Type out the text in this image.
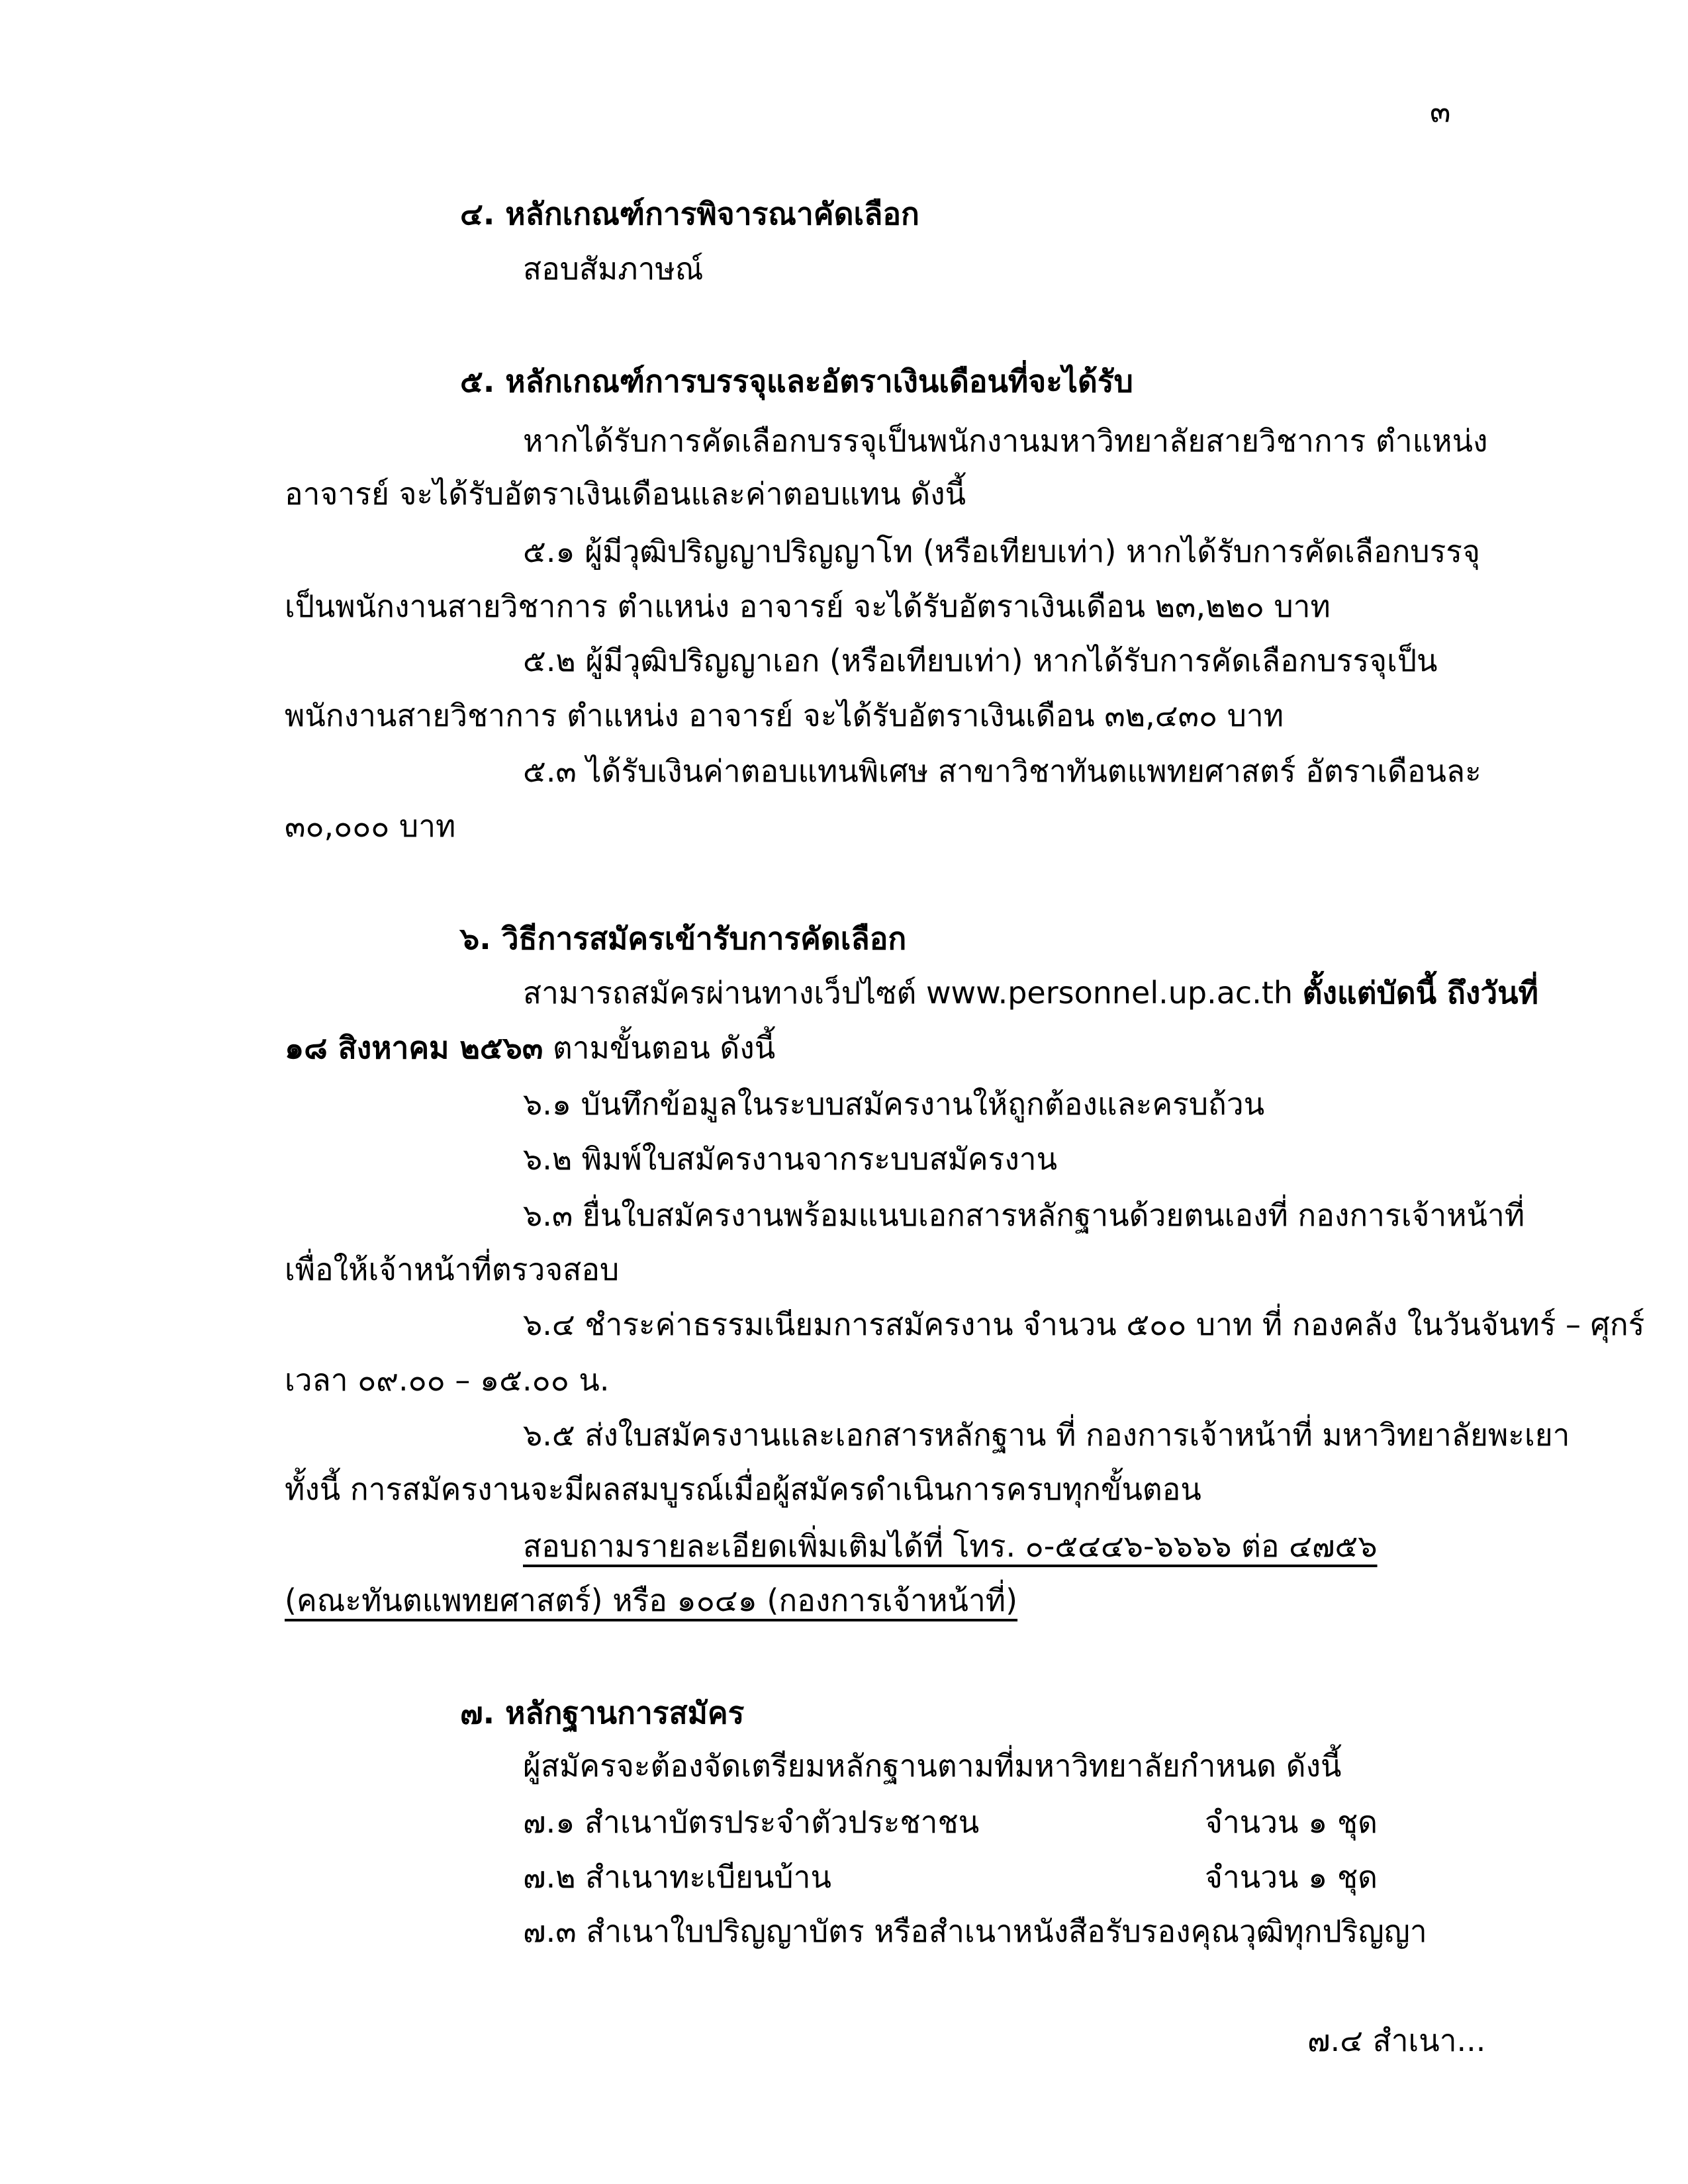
๓
๔. หลักเกณฑ์การพิจารณาคัดเลือก
สอบสัมภาษณ์
๕. หลักเกณฑ์การบรรจุและอัตราเงินเดือนที่จะได้รับ
หากได้รับการคัดเลือกบรรจุเป็นพนักงานมหาวิทยาลัยสายวิชาการ ตำแหน่ง
อาจารย์ จะได้รับอัตราเงินเดือนและค่าตอบแทน ดังนี้
๕.๑ ผู้มีวุฒิปริญญาปริญญาโท (หรือเทียบเท่า) หากได้รับการคัดเลือกบรรจุ
เป็นพนักงานสายวิชาการ ตำแหน่ง อาจารย์ จะได้รับอัตราเงินเดือน ๒๓,๒๒๐ บาท
๕.๒ ผู้มีวุฒิปริญญาเอก (หรือเทียบเท่า) หากได้รับการคัดเลือกบรรจุเป็น
พนักงานสายวิชาการ ตำแหน่ง อาจารย์ จะได้รับอัตราเงินเดือน ๓๒,๔๓๐ บาท
๕.๓ ได้รับเงินค่าตอบแทนพิเศษ สาขาวิชาทันตแพทยศาสตร์ อัตราเดือนละ
๓๐,๐๐๐ บาท
๖. วิธีการสมัครเข้ารับการคัดเลือก
สามารถสมัครผ่านทางเว็ปไซต์ www.personnel.up.ac.th ตั้งแต่บัดนี้ ถึงวันที่
๑๘ สิงหาคม ๒๕๖๓ ตามขั้นตอน ดังนี้
๖.๑ บันทึกข้อมูลในระบบสมัครงานให้ถูกต้องและครบถ้วน
๖.๒ พิมพ์ใบสมัครงานจากระบบสมัครงาน
๖.๓ ยื่นใบสมัครงานพร้อมแนบเอกสารหลักฐานด้วยตนเองที่ กองการเจ้าหน้าที่
เพื่อให้เจ้าหน้าที่ตรวจสอบ
๖.๔ ชำระค่าธรรมเนียมการสมัครงาน จำนวน ๕๐๐ บาท ที่ กองคลัง ในวันจันทร์ – ศุกร์
เวลา ๐๙.๐๐ – ๑๕.๐๐ น.
๖.๕ ส่งใบสมัครงานและเอกสารหลักฐาน ที่ กองการเจ้าหน้าที่ มหาวิทยาลัยพะเยา
ทั้งนี้ การสมัครงานจะมีผลสมบูรณ์เมื่อผู้สมัครดำเนินการครบทุกขั้นตอน
สอบถามรายละเอียดเพิ่มเติมได้ที่ โทร. ๐-๕๔๔๖-๖๖๖๖ ต่อ ๔๗๕๖
(คณะทันตแพทยศาสตร์) หรือ ๑๐๔๑ (กองการเจ้าหน้าที่)
๗. หลักฐานการสมัคร
ผู้สมัครจะต้องจัดเตรียมหลักฐานตามที่มหาวิทยาลัยกำหนด ดังนี้
๗.๑ สำเนาบัตรประจำตัวประชาชน	จำนวน ๑ ชุด
๗.๒ สำเนาทะเบียนบ้าน	จำนวน ๑ ชุด
๗.๓ สำเนาใบปริญญาบัตร หรือสำเนาหนังสือรับรองคุณวุฒิทุกปริญญา
๗.๔ สำเนา...
